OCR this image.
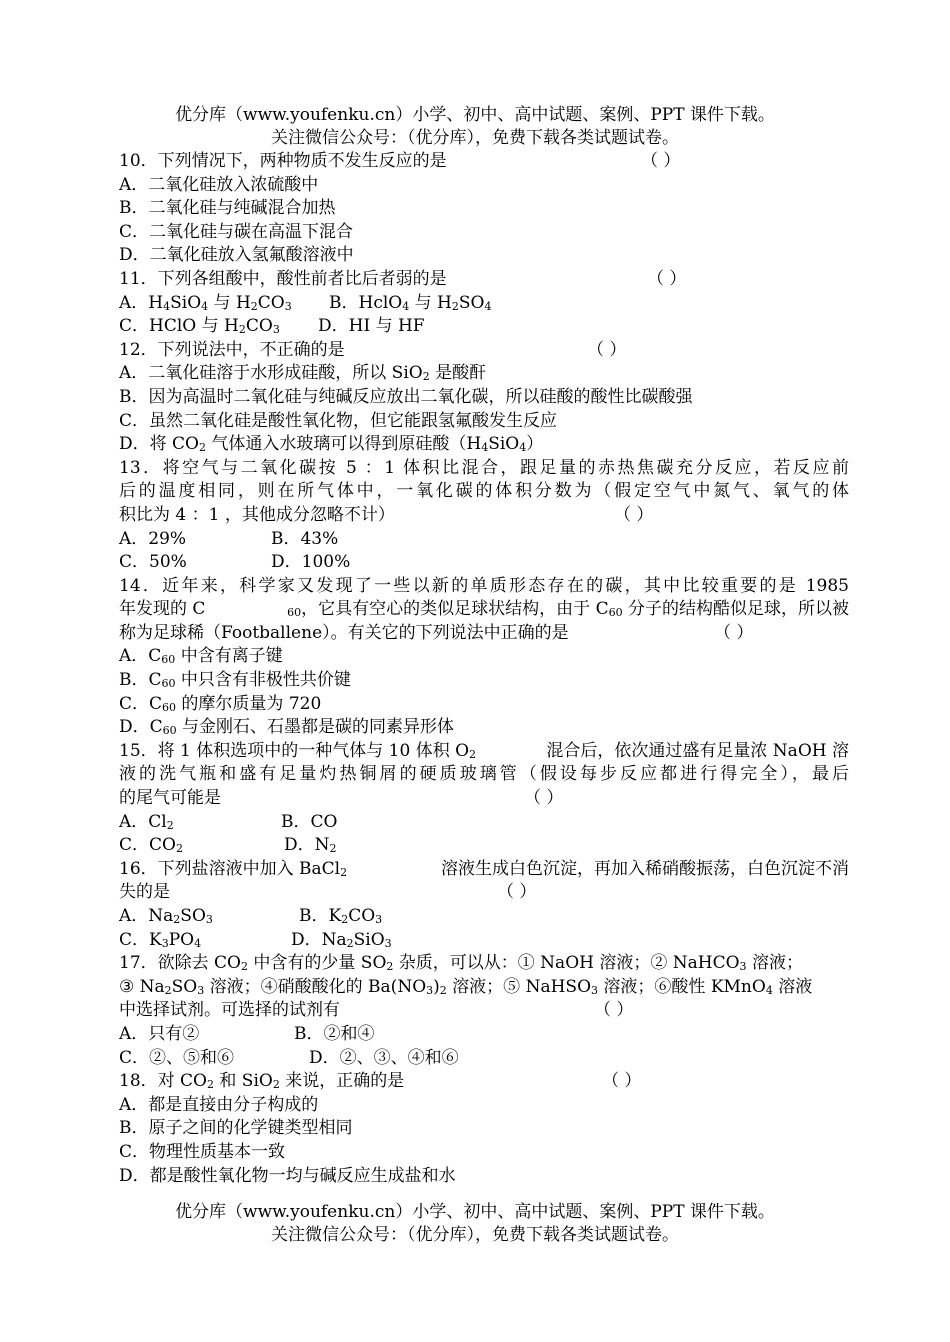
优分库（www.youfenku.cn）小学、初中、高中试题、案例、PPT 课件下载。
关注微信公众号：（优分库），免费下载各类试题试卷。
10．下列情况下，两种物质不发生反应的是	（ ）
A．二氧化硅放入浓硫酸中
B．二氧化硅与纯碱混合加热
C．二氧化硅与碳在高温下混合
D．二氧化硅放入氢氟酸溶液中
11．下列各组酸中，酸性前者比后者弱的是	（ ）
A．$H_4SiO_4$ 与 $H_2CO_3$ B．HclO$_4$ 与 $H_2SO_4$
C．HClO 与 $H_2CO_3$ D．HI 与 HF
12．下列说法中，不正确的是	（ ）
A．二氧化硅溶于水形成硅酸，所以 SiO$_2$ 是酸酐
B．因为高温时二氧化硅与纯碱反应放出二氧化碳，所以硅酸的酸性比碳酸强
C．虽然二氧化硅是酸性氧化物，但它能跟氢氟酸发生反应
D．将 $CO_2$ 气体通入水玻璃可以得到原硅酸$(H_4SiO_4)$
13．将空气与二氧化碳按 5 ：1 体积比混合，跟足量的赤热焦碳充分反应，若反应前
后的温度相同，则在所气体中，一氧化碳的体积分数为（假定空气中氮气、氧气的体
积比为 4 ：1 ，其他成分忽略不计）	（ ）
A．29%	B．43%
C．50%	D．100%
14．近年来，科学家又发现了一些以新的单质形态存在的碳，其中比较重要的是 1985
年发现的 C	$_{60}$，它具有空心的类似足球状结构，由于 $C_{60}$ 分子的结构酷似足球，所以被
称为足球稀（Footballene）。有关它的下列说法中正确的是	（ ）
A．$C_{60}$ 中含有离子键
B．$C_{60}$ 中只含有非极性共价键
C．$C_{60}$ 的摩尔质量为 720
D．$C_{60}$ 与金刚石、石墨都是碳的同素异形体
15．将 1 体积选项中的一种气体与 10 体积 $O_2$	混合后，依次通过盛有足量浓 NaOH 溶
液的洗气瓶和盛有足量灼热铜屑的硬质玻璃管（假设每步反应都进行得完全），最后
的尾气可能是	（ ）
A．$Cl_2$	B．CO
C．$CO_2$	D．$N_2$
16．下列盐溶液中加入 BaCl$_2$	溶液生成白色沉淀，再加入稀硝酸振荡，白色沉淀不消
失的是	（ ）
A．$Na_2SO_3$	B．$K_2CO_3$
C．$K_3PO_4$	D．$Na_2SiO_3$
17．欲除去 $CO_2$ 中含有的少量 $SO_2$ 杂质，可以从：① NaOH 溶液；② NaHCO$_3$ 溶液；
③ $Na_2SO_3$ 溶液；④硝酸酸化的 $Ba(NO_3)_2$ 溶液；⑤ NaHSO$_3$ 溶液；⑥酸性 KMnO$_4$ 溶液
中选择试剂。可选择的试剂有	（ ）
A．只有②	B．②和④
C．②、⑤和⑥	D．②、③、④和⑥
18．对 $CO_2$ 和 SiO$_2$ 来说，正确的是	（ ）
A．都是直接由分子构成的
B．原子之间的化学键类型相同
C．物理性质基本一致
D．都是酸性氧化物一均与碱反应生成盐和水
优分库（www.youfenku.cn）小学、初中、高中试题、案例、PPT 课件下载。
关注微信公众号：（优分库），免费下载各类试题试卷。
